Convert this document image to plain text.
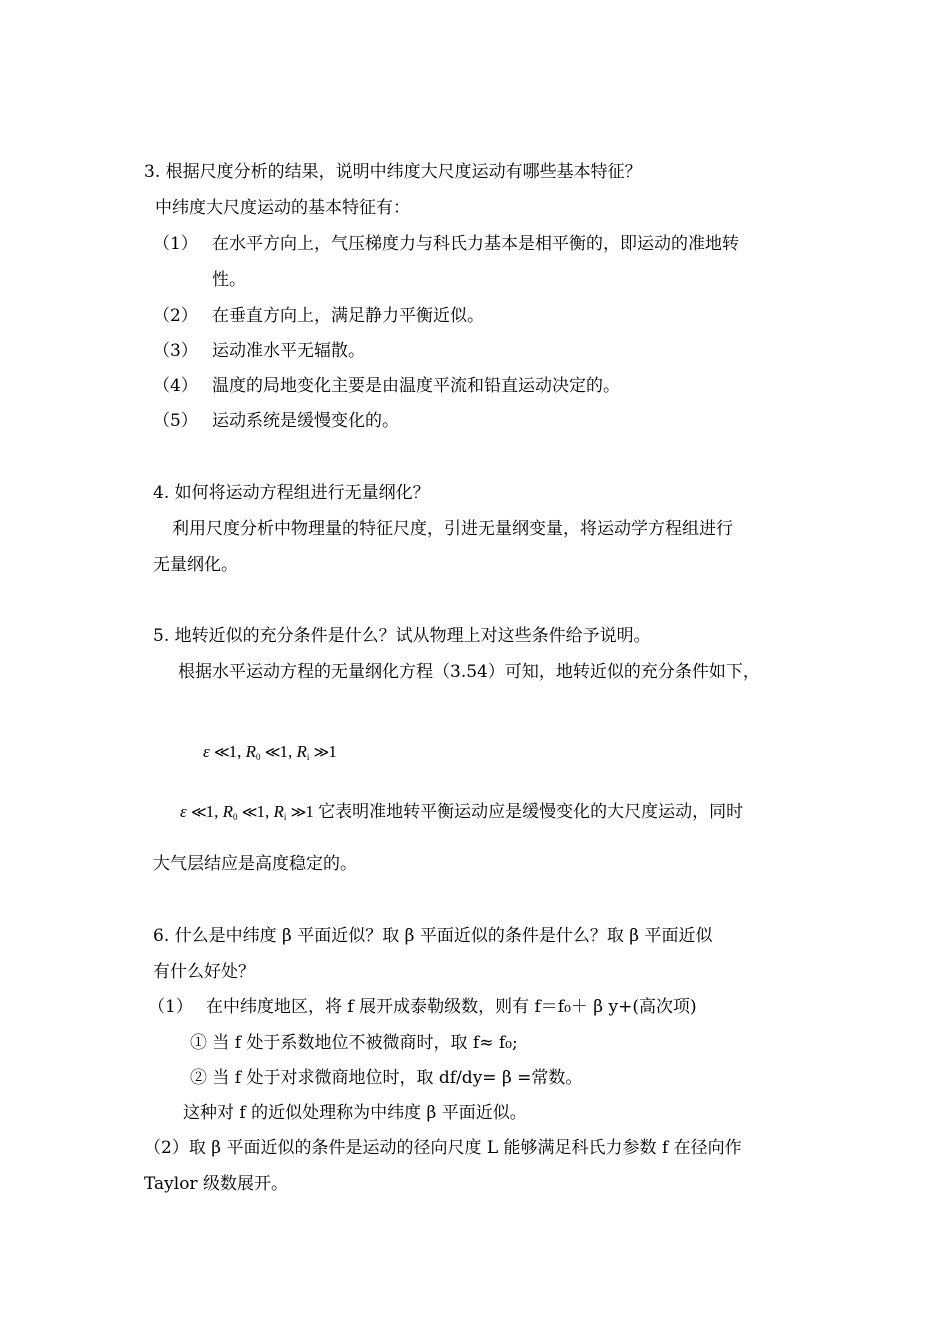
3. 根据尺度分析的结果，说明中纬度大尺度运动有哪些基本特征？
中纬度大尺度运动的基本特征有：
（1） 在水平方向上，气压梯度力与科氏力基本是相平衡的，即运动的准地转
性。
（2） 在垂直方向上，满足静力平衡近似。
（3） 运动准水平无辐散。
（4） 温度的局地变化主要是由温度平流和铅直运动决定的。
（5） 运动系统是缓慢变化的。
4. 如何将运动方程组进行无量纲化？
利用尺度分析中物理量的特征尺度，引进无量纲变量，将运动学方程组进行
无量纲化。
5. 地转近似的充分条件是什么？试从物理上对这些条件给予说明。
根据水平运动方程的无量纲化方程（3.54）可知，地转近似的充分条件如下，
ε ≪1, $R_0$ ≪1, $R_i$ ≫1
ε ≪1, $R_0$ ≪1, $R_i$ ≫1 它表明准地转平衡运动应是缓慢变化的大尺度运动，同时
大气层结应是高度稳定的。
6. 什么是中纬度 β 平面近似？取 β 平面近似的条件是什么？取 β 平面近似
有什么好处？
（1） 在中纬度地区，将 f 展开成泰勒级数，则有 f＝f₀＋ β y+(高次项)
① 当 f 处于系数地位不被微商时，取 f≈ f₀;
② 当 f 处于对求微商地位时，取 df/dy= β =常数。
这种对 f 的近似处理称为中纬度 β 平面近似。
（2）取 β 平面近似的条件是运动的径向尺度 L 能够满足科氏力参数 f 在径向作
Taylor 级数展开。
